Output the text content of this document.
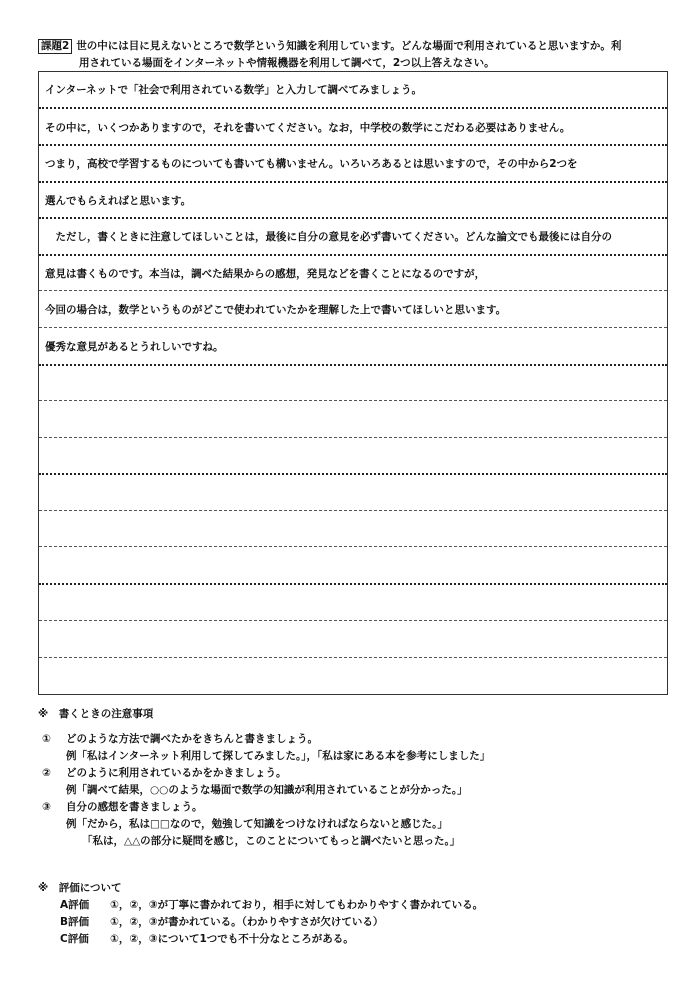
課題2 世の中には目に見えないところで数学という知識を利用しています。どんな場面で利用されていると思いますか。利
用されている場面をインターネットや情報機器を利用して調べて，2つ以上答えなさい。
インターネットで「社会で利用されている数学」と入力して調べてみましょう。
その中に，いくつかありますので，それを書いてください。なお，中学校の数学にこだわる必要はありません。
つまり，高校で学習するものについても書いても構いません。いろいろあるとは思いますので，その中から2つを
選んでもらえればと思います。
　ただし，書くときに注意してほしいことは，最後に自分の意見を必ず書いてください。どんな論文でも最後には自分の
意見は書くものです。本当は，調べた結果からの感想，発見などを書くことになるのですが，
今回の場合は，数学というものがどこで使われていたかを理解した上で書いてほしいと思います。
優秀な意見があるとうれしいですね。
※　書くときの注意事項
① どのような方法で調べたかをきちんと書きましょう。
例「私はインターネット利用して探してみました。」，「私は家にある本を参考にしました」
② どのように利用されているかをかきましょう。
例「調べて結果，○○のような場面で数学の知識が利用されていることが分かった。」
③ 自分の感想を書きましょう。
例「だから，私は□□なので，勉強して知識をつけなければならないと感じた。」
「私は，△△の部分に疑問を感じ，このことについてもっと調べたいと思った。」
※　評価について
A評価 ①，②，③が丁寧に書かれており，相手に対してもわかりやすく書かれている。
B評価 ①，②，③が書かれている。（わかりやすさが欠けている）
C評価 ①，②，③について1つでも不十分なところがある。
